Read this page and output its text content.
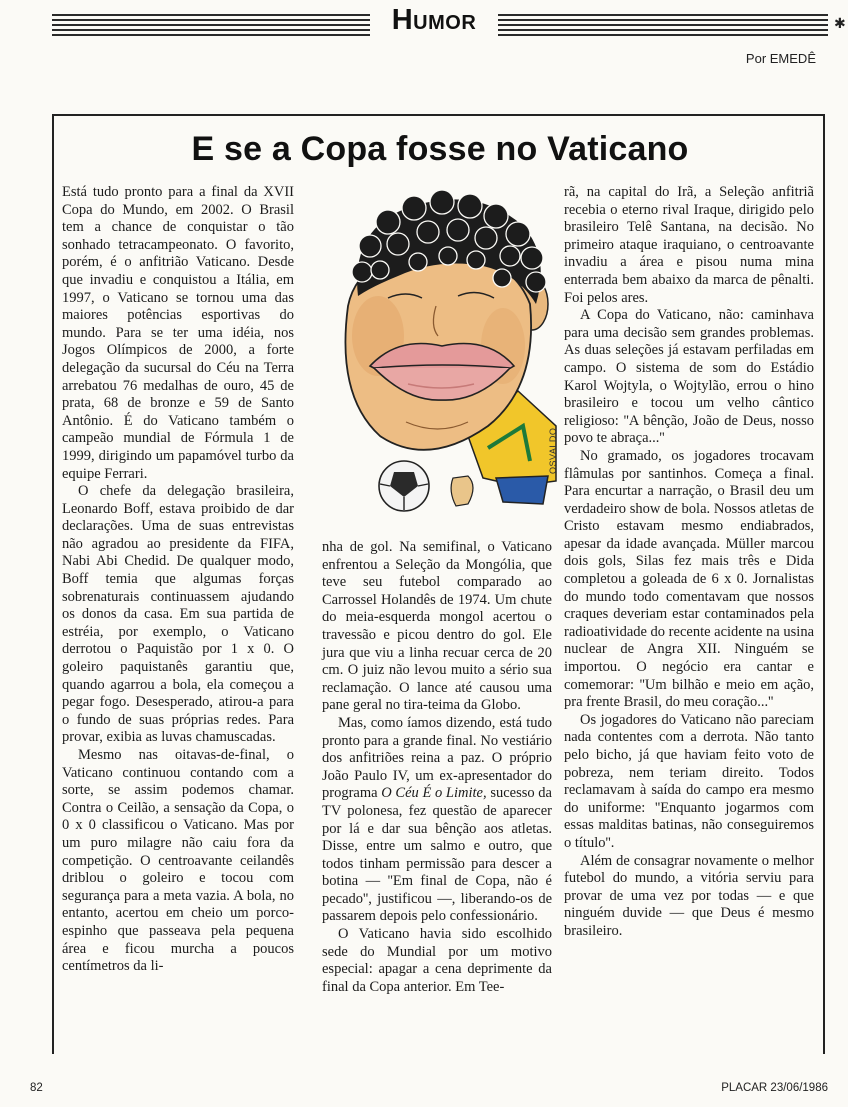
Humor	✱
Por EMEDÊ
E se a Copa fosse no Vaticano

Está tudo pronto para a final da XVII Copa do Mundo, em 2002. O Brasil tem a chance de conquistar o tão sonhado tetracampeonato. O favorito, porém, é o anfitrião Vaticano. Desde que invadiu e conquistou a Itália, em 1997, o Vaticano se tornou uma das maiores potências esportivas do mundo. Para se ter uma idéia, nos Jogos Olímpicos de 2000, a forte delegação da sucursal do Céu na Terra arrebatou 76 medalhas de ouro, 45 de prata, 68 de bronze e 59 de Santo Antônio. É do Vaticano também o campeão mundial de Fórmula 1 de 1999, dirigindo um papamóvel turbo da equipe Ferrari.

O chefe da delegação brasileira, Leonardo Boff, estava proibido de dar declarações. Uma de suas entrevistas não agradou ao presidente da FIFA, Nabi Abi Chedid. De qualquer modo, Boff temia que algumas forças sobrenaturais continuassem ajudando os donos da casa. Em sua partida de estréia, por exemplo, o Vaticano derrotou o Paquistão por 1 x 0. O goleiro paquistanês garantiu que, quando agarrou a bola, ela começou a pegar fogo. Desesperado, atirou-a para o fundo de suas próprias redes. Para provar, exibia as luvas chamuscadas.

Mesmo nas oitavas-de-final, o Vaticano continuou contando com a sorte, se assim podemos chamar. Contra o Ceilão, a sensação da Copa, o 0 x 0 classificou o Vaticano. Mas por um puro milagre não caiu fora da competição. O centroavante ceilandês driblou o goleiro e tocou com segurança para a meta vazia. A bola, no entanto, acertou em cheio um porco-espinho que passeava pela pequena área e ficou murcha a poucos centímetros da li-

OSVALDO

nha de gol. Na semifinal, o Vaticano enfrentou a Seleção da Mongólia, que teve seu futebol comparado ao Carrossel Holandês de 1974. Um chute do meia-esquerda mongol acertou o travessão e picou dentro do gol. Ele jura que viu a linha recuar cerca de 20 cm. O juiz não levou muito a sério sua reclamação. O lance até causou uma pane geral no tira-teima da Globo.

Mas, como íamos dizendo, está tudo pronto para a grande final. No vestiário dos anfitriões reina a paz. O próprio João Paulo IV, um ex-apresentador do programa O Céu É o Limite, sucesso da TV polonesa, fez questão de aparecer por lá e dar sua bênção aos atletas. Disse, entre um salmo e outro, que todos tinham permissão para descer a botina — ''Em final de Copa, não é pecado'', justificou —, liberando-os de passarem depois pelo confessionário.

O Vaticano havia sido escolhido sede do Mundial por um motivo especial: apagar a cena deprimente da final da Copa anterior. Em Tee-

rã, na capital do Irã, a Seleção anfitriã recebia o eterno rival Iraque, dirigido pelo brasileiro Telê Santana, na decisão. No primeiro ataque iraquiano, o centroavante invadiu a área e pisou numa mina enterrada bem abaixo da marca de pênalti. Foi pelos ares.

A Copa do Vaticano, não: caminhava para uma decisão sem grandes problemas. As duas seleções já estavam perfiladas em campo. O sistema de som do Estádio Karol Wojtyla, o Wojtylão, errou o hino brasileiro e tocou um velho cântico religioso: ''A bênção, João de Deus, nosso povo te abraça...''

No gramado, os jogadores trocavam flâmulas por santinhos. Começa a final. Para encurtar a narração, o Brasil deu um verdadeiro show de bola. Nossos atletas de Cristo estavam mesmo endiabrados, apesar da idade avançada. Müller marcou dois gols, Silas fez mais três e Dida completou a goleada de 6 x 0. Jornalistas do mundo todo comentavam que nossos craques deveriam estar contaminados pela radioatividade do recente acidente na usina nuclear de Angra XII. Ninguém se importou. O negócio era cantar e comemorar: ''Um bilhão e meio em ação, pra frente Brasil, do meu coração...''

Os jogadores do Vaticano não pareciam nada contentes com a derrota. Não tanto pelo bicho, já que haviam feito voto de pobreza, nem teriam direito. Todos reclamavam à saída do campo era mesmo do uniforme: ''Enquanto jogarmos com essas malditas batinas, não conseguiremos o título''.

Além de consagrar novamente o melhor futebol do mundo, a vitória serviu para provar de uma vez por todas — e que ninguém duvide — que Deus é mesmo brasileiro.

82	PLACAR 23/06/1986
